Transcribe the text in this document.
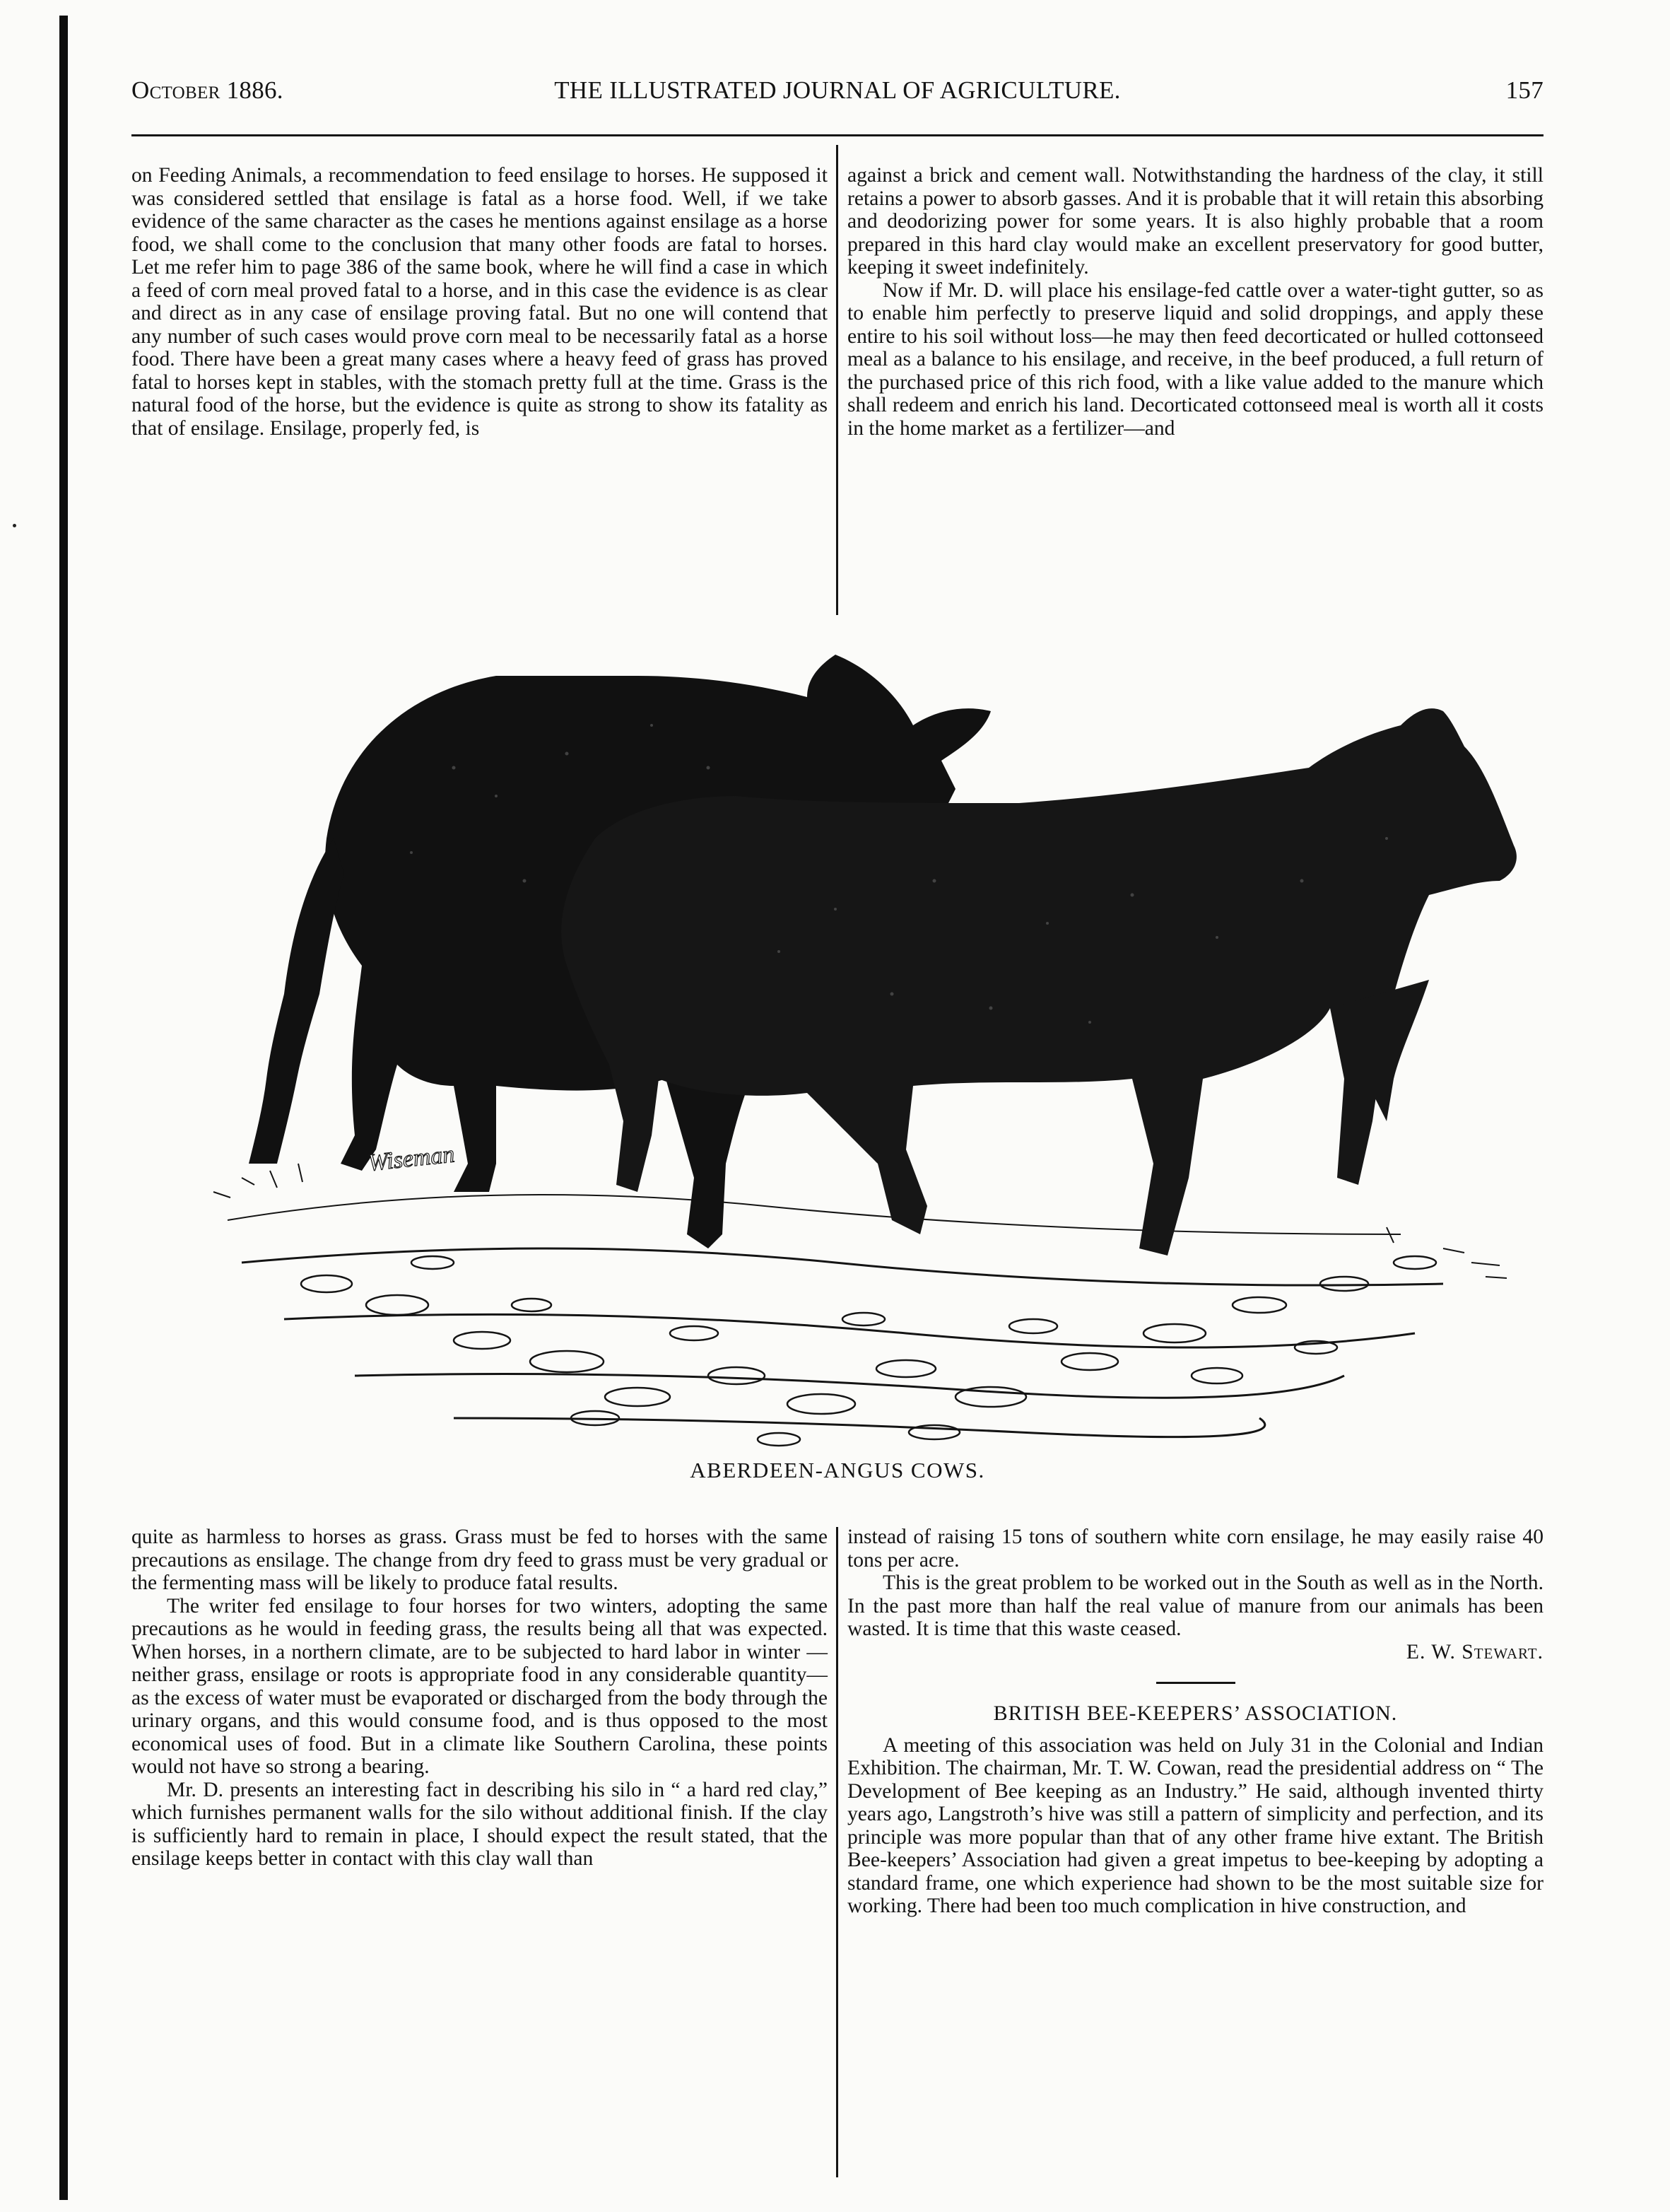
October 1886.	THE ILLUSTRATED JOURNAL OF AGRICULTURE.	157

on Feeding Animals, a recommendation to feed ensilage to horses. He supposed it was considered settled that ensilage is fatal as a horse food. Well, if we take evidence of the same character as the cases he mentions against ensilage as a horse food, we shall come to the conclusion that many other foods are fatal to horses. Let me refer him to page 386 of the same book, where he will find a case in which a feed of corn meal proved fatal to a horse, and in this case the evidence is as clear and direct as in any case of ensilage proving fatal. But no one will contend that any number of such cases would prove corn meal to be necessarily fatal as a horse food. There have been a great many cases where a heavy feed of grass has proved fatal to horses kept in stables, with the stomach pretty full at the time. Grass is the natural food of the horse, but the evidence is quite as strong to show its fatality as that of ensilage. Ensilage, properly fed, is

against a brick and cement wall. Notwithstanding the hardness of the clay, it still retains a power to absorb gasses. And it is probable that it will retain this absorbing and deodorizing power for some years. It is also highly probable that a room prepared in this hard clay would make an excellent preservatory for good butter, keeping it sweet indefinitely.

Now if Mr. D. will place his ensilage-fed cattle over a water-tight gutter, so as to enable him perfectly to preserve liquid and solid droppings, and apply these entire to his soil without loss—he may then feed decorticated or hulled cottonseed meal as a balance to his ensilage, and receive, in the beef produced, a full return of the purchased price of this rich food, with a like value added to the manure which shall redeem and enrich his land. Decorticated cottonseed meal is worth all it costs in the home market as a fertilizer—and

Wiseman
ABERDEEN-ANGUS COWS.

quite as harmless to horses as grass. Grass must be fed to horses with the same precautions as ensilage. The change from dry feed to grass must be very gradual or the fermenting mass will be likely to produce fatal results.

The writer fed ensilage to four horses for two winters, adopting the same precautions as he would in feeding grass, the results being all that was expected. When horses, in a northern climate, are to be subjected to hard labor in winter —neither grass, ensilage or roots is appropriate food in any considerable quantity—as the excess of water must be evaporated or discharged from the body through the urinary organs, and this would consume food, and is thus opposed to the most economical uses of food. But in a climate like Southern Carolina, these points would not have so strong a bearing.

Mr. D. presents an interesting fact in describing his silo in “ a hard red clay,” which furnishes permanent walls for the silo without additional finish. If the clay is sufficiently hard to remain in place, I should expect the result stated, that the ensilage keeps better in contact with this clay wall than

instead of raising 15 tons of southern white corn ensilage, he may easily raise 40 tons per acre.

This is the great problem to be worked out in the South as well as in the North. In the past more than half the real value of manure from our animals has been wasted. It is time that this waste ceased.

E. W. Stewart.

BRITISH BEE-KEEPERS’ ASSOCIATION.

A meeting of this association was held on July 31 in the Colonial and Indian Exhibition. The chairman, Mr. T. W. Cowan, read the presidential address on “ The Development of Bee keeping as an Industry.” He said, although invented thirty years ago, Langstroth’s hive was still a pattern of simplicity and perfection, and its principle was more popular than that of any other frame hive extant. The British Bee-keepers’ Association had given a great impetus to bee-keeping by adopting a standard frame, one which experience had shown to be the most suitable size for working. There had been too much complication in hive construction, and
